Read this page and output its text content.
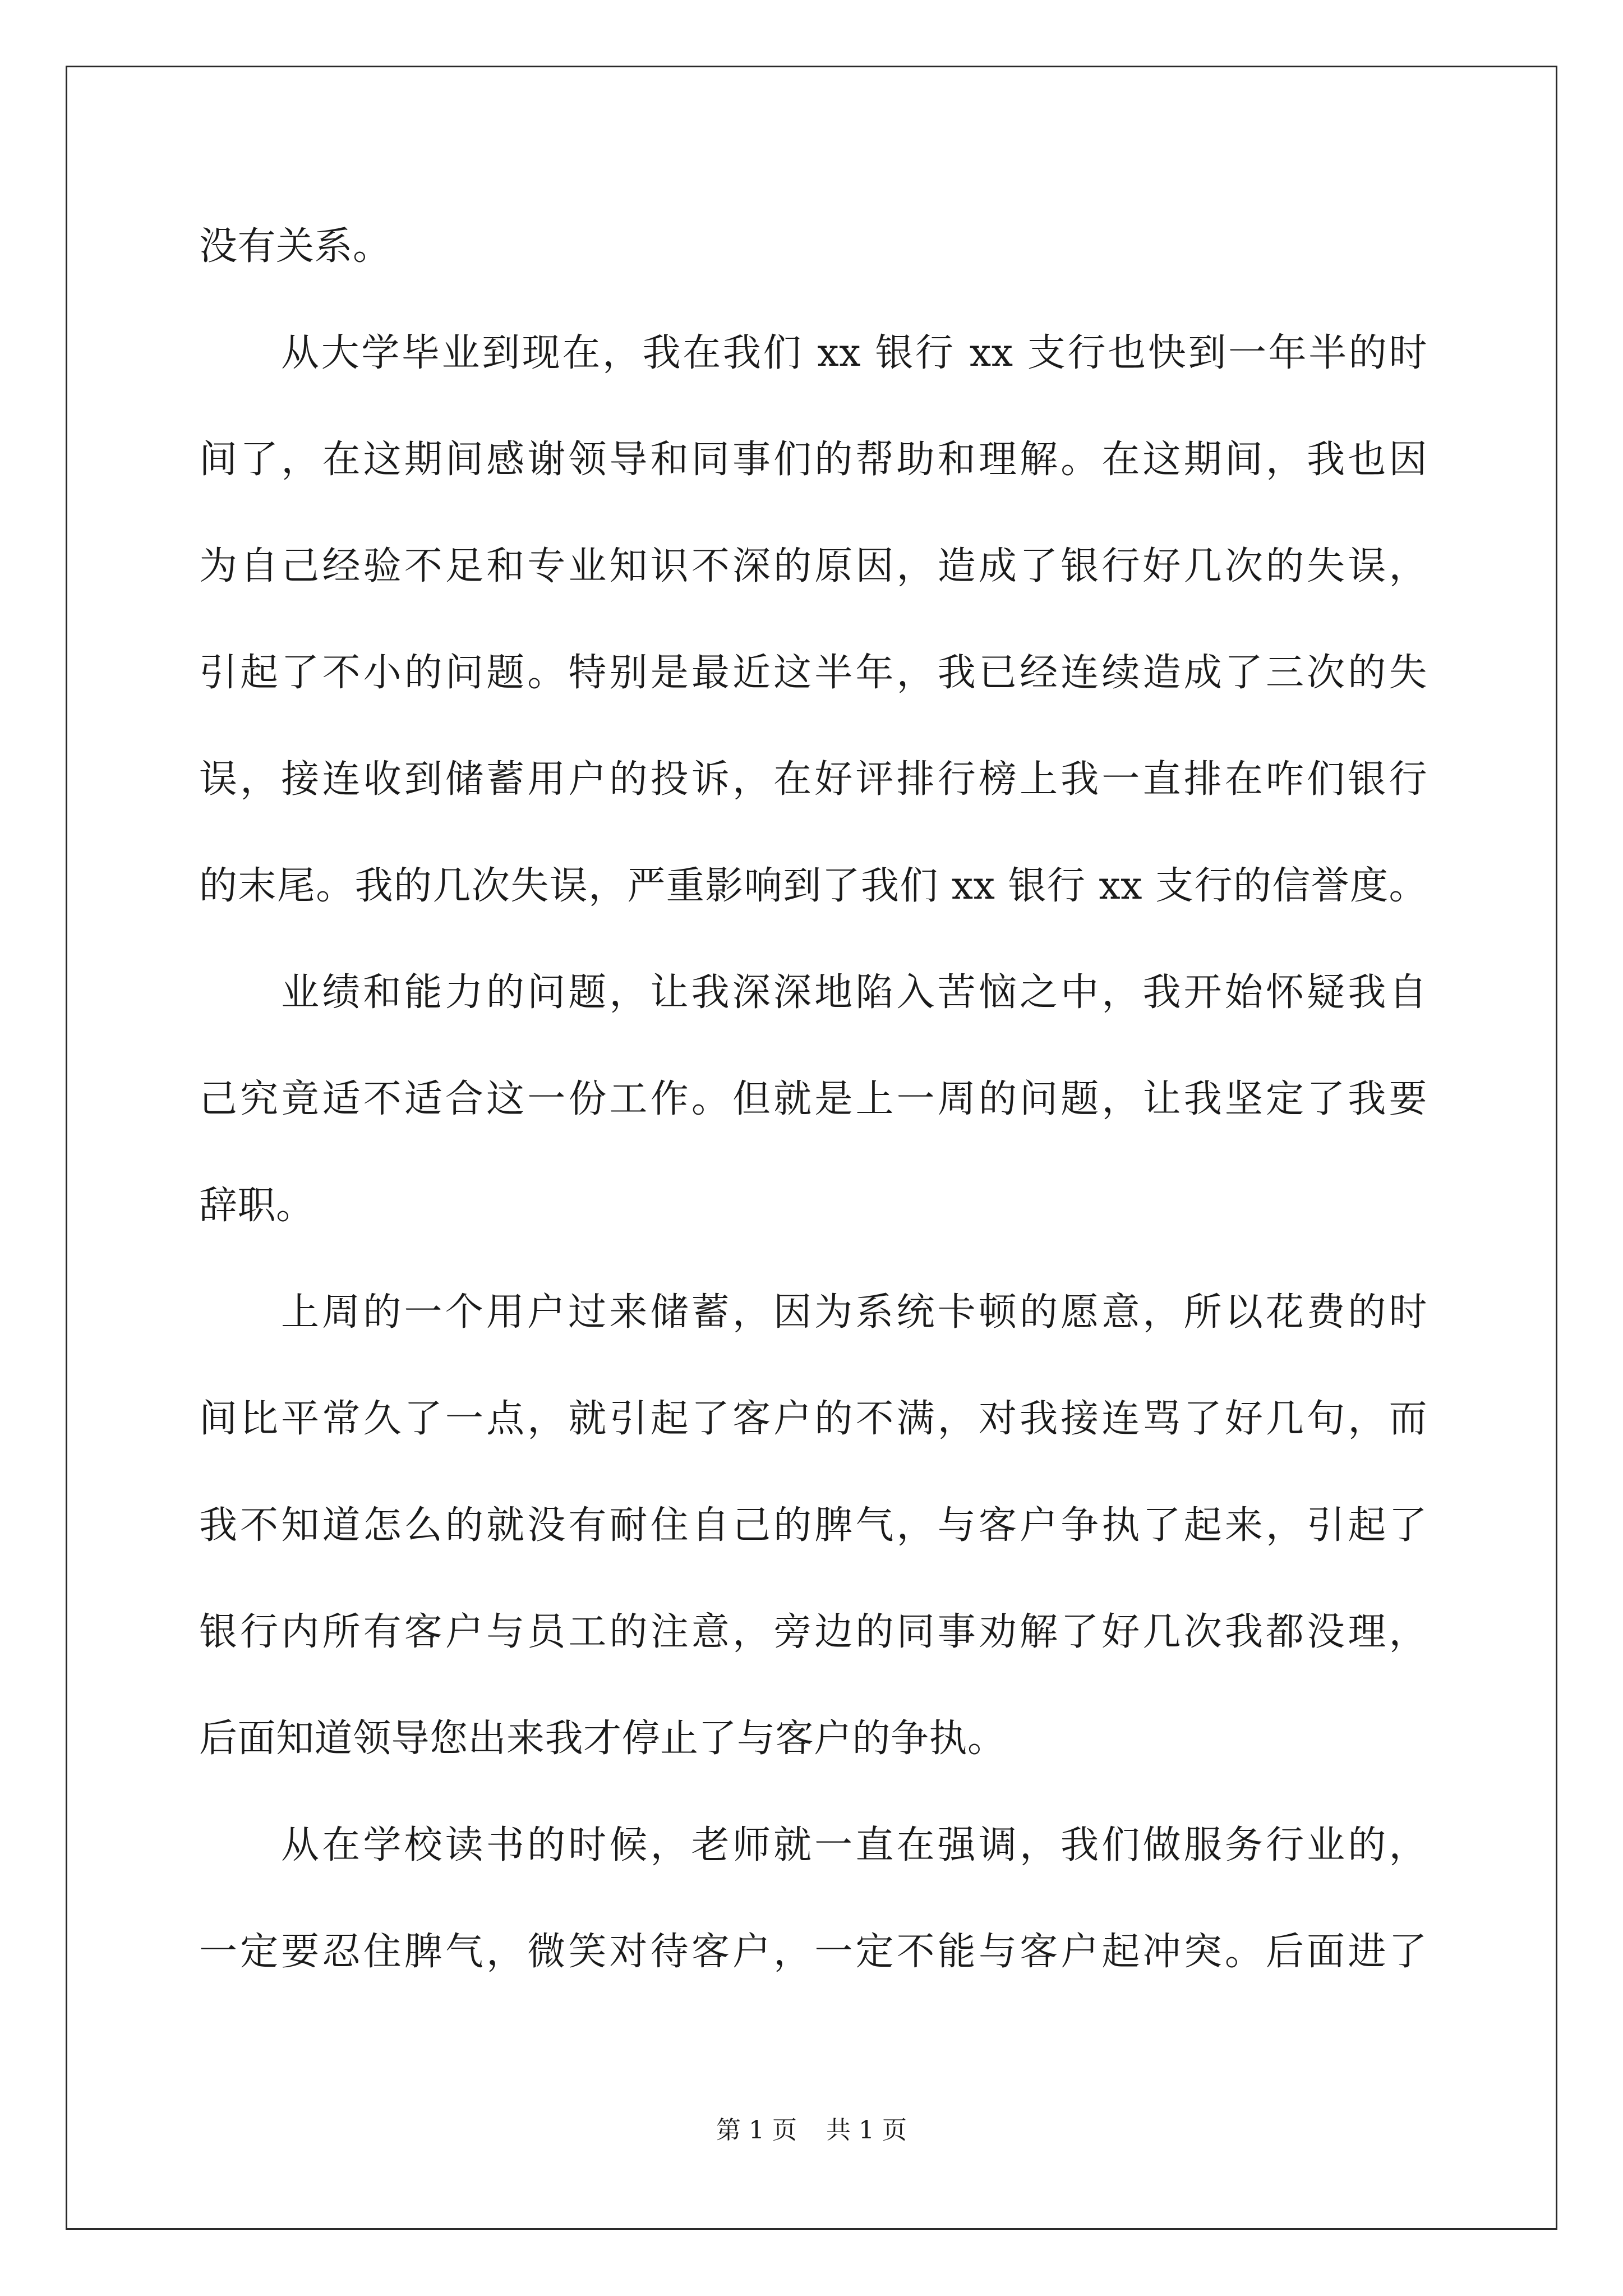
没有关系。
从大学毕业到现在，我在我们 xx 银行 xx 支行也快到一年半的时
间了，在这期间感谢领导和同事们的帮助和理解。在这期间，我也因
为自己经验不足和专业知识不深的原因，造成了银行好几次的失误，
引起了不小的问题。特别是最近这半年，我已经连续造成了三次的失
误，接连收到储蓄用户的投诉，在好评排行榜上我一直排在咋们银行
的末尾。我的几次失误，严重影响到了我们 xx 银行 xx 支行的信誉度。
业绩和能力的问题，让我深深地陷入苦恼之中，我开始怀疑我自
己究竟适不适合这一份工作。但就是上一周的问题，让我坚定了我要
辞职。
上周的一个用户过来储蓄，因为系统卡顿的愿意，所以花费的时
间比平常久了一点，就引起了客户的不满，对我接连骂了好几句，而
我不知道怎么的就没有耐住自己的脾气，与客户争执了起来，引起了
银行内所有客户与员工的注意，旁边的同事劝解了好几次我都没理，
后面知道领导您出来我才停止了与客户的争执。
从在学校读书的时候，老师就一直在强调，我们做服务行业的，
一定要忍住脾气，微笑对待客户，一定不能与客户起冲突。后面进了
第 1 页 共 1 页
